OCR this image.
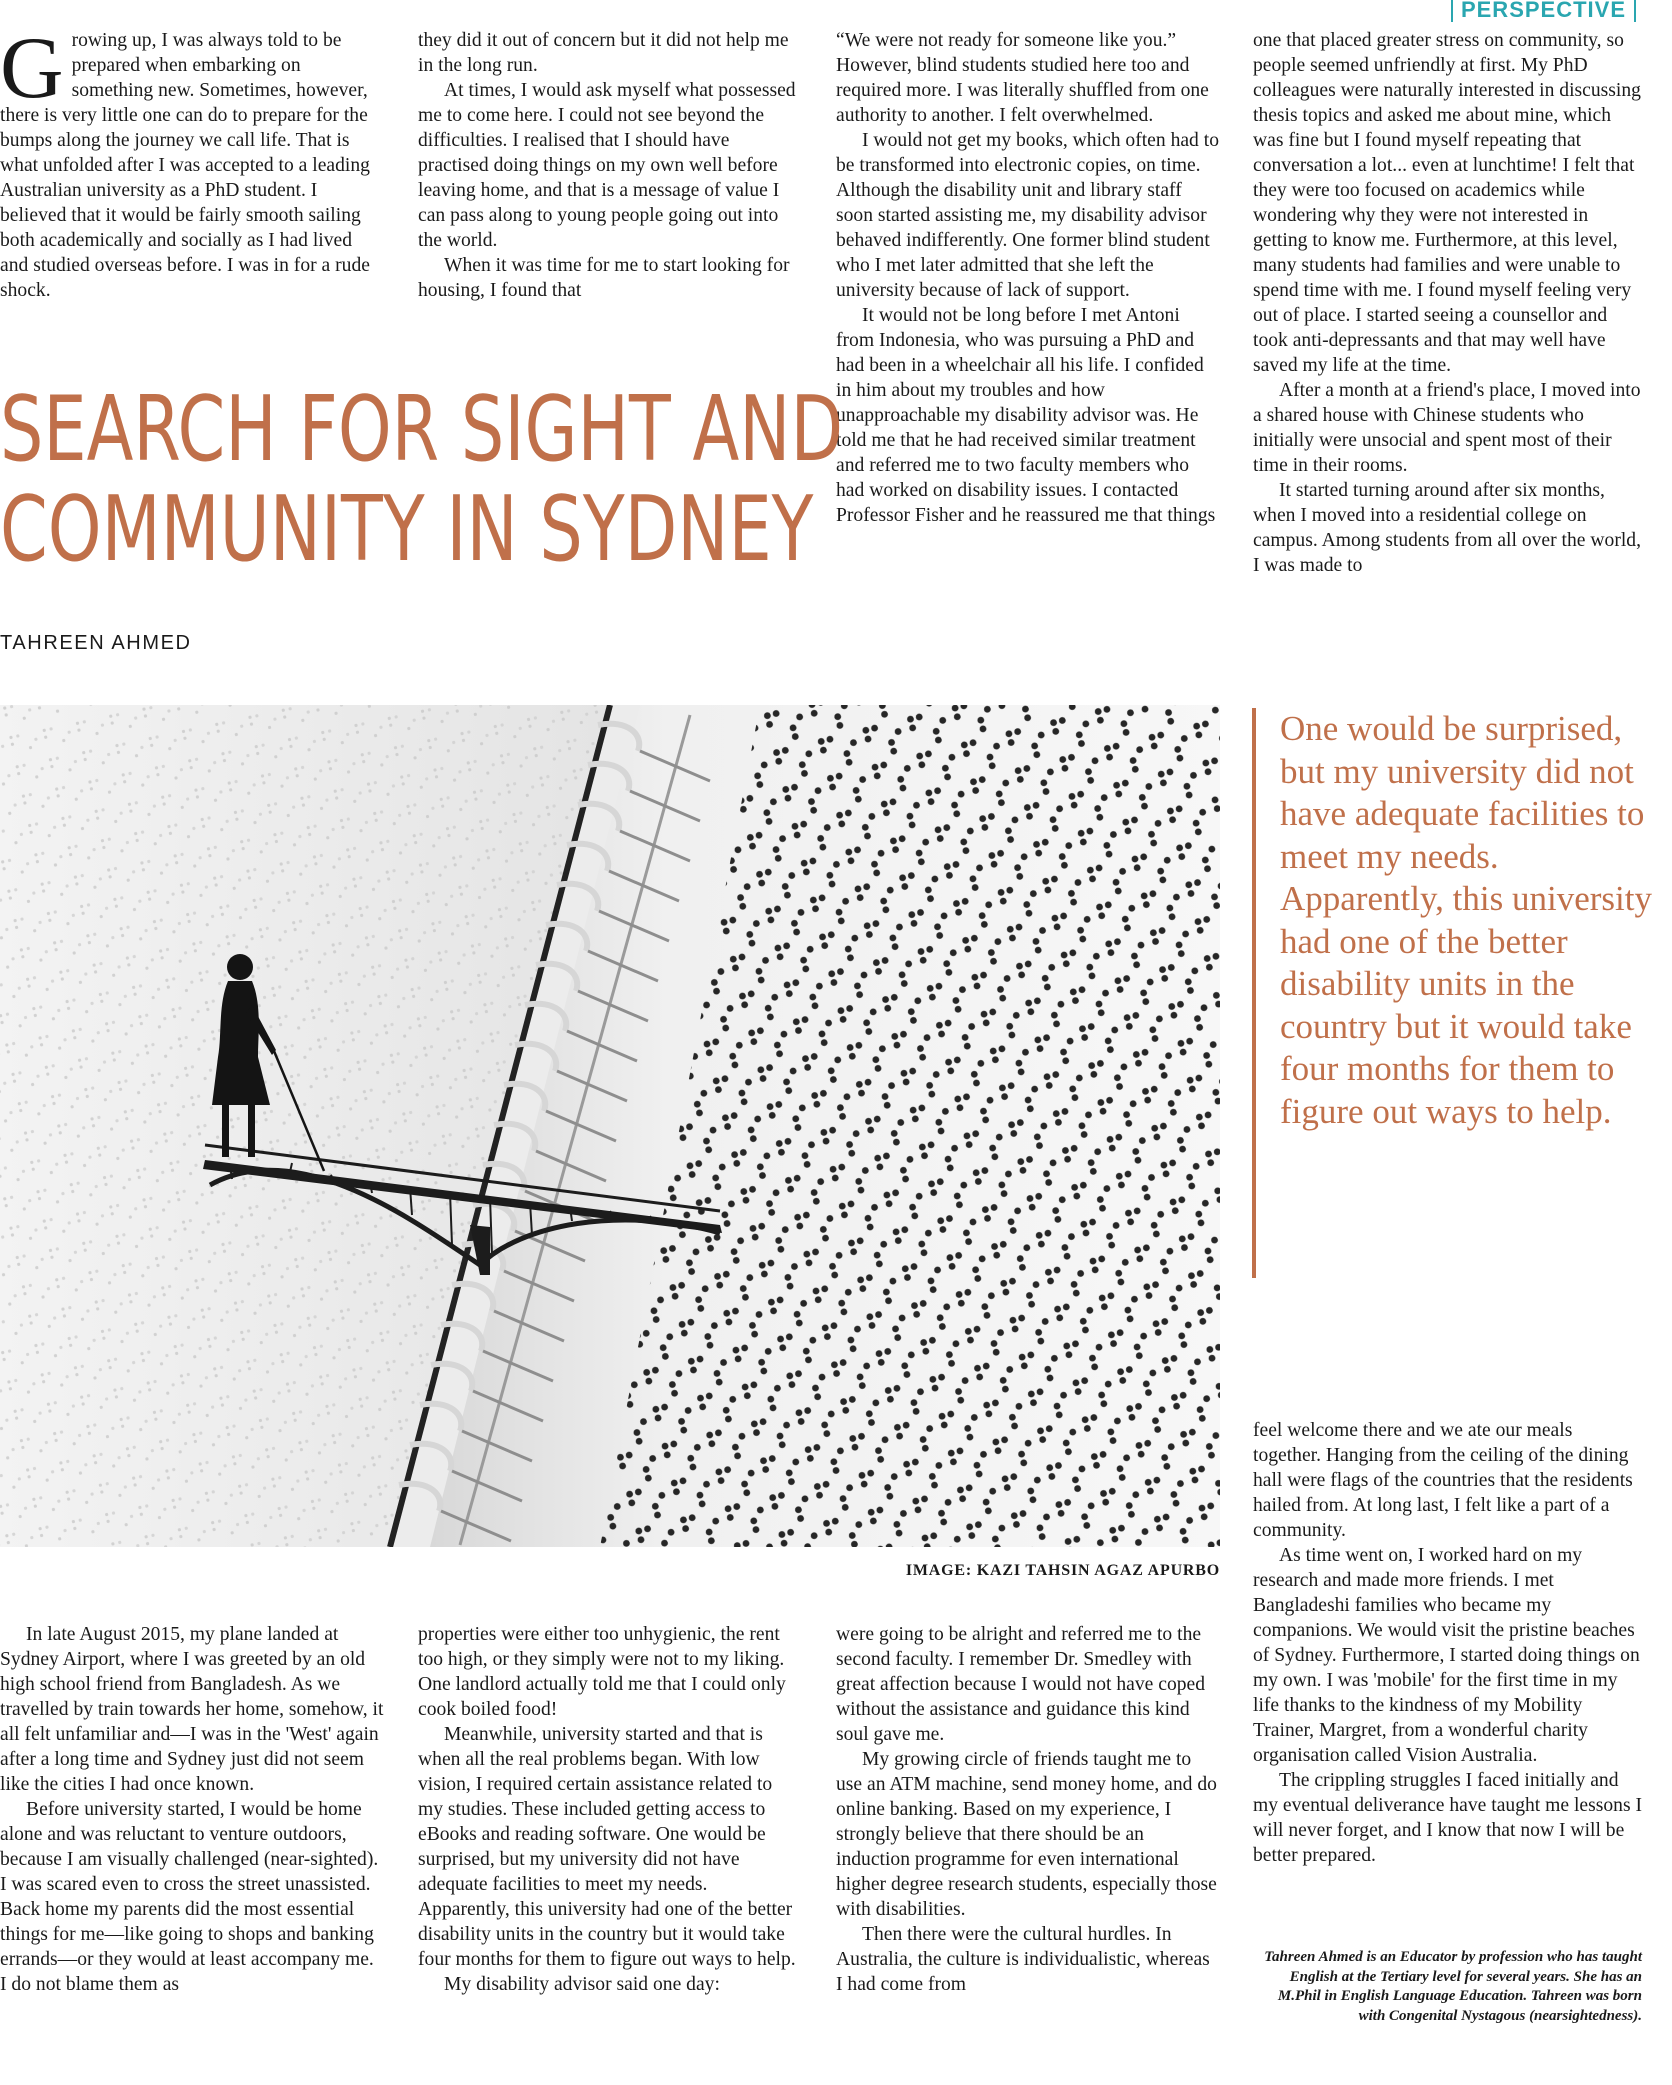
PERSPECTIVE

Growing up, I was always told to be prepared when embarking on something new. Sometimes, however, there is very little one can do to prepare for the bumps along the journey we call life. That is what unfolded after I was accepted to a leading Australian university as a PhD student. I believed that it would be fairly smooth sailing both academically and socially as I had lived and studied overseas before. I was in for a rude shock.

they did it out of concern but it did not help me in the long run.

At times, I would ask myself what possessed me to come here. I could not see beyond the difficulties. I realised that I should have practised doing things on my own well before leaving home, and that is a message of value I can pass along to young people going out into the world.

When it was time for me to start looking for housing, I found that

“We were not ready for someone like you.” However, blind students studied here too and required more. I was literally shuffled from one authority to another. I felt overwhelmed.

I would not get my books, which often had to be transformed into electronic copies, on time. Although the disability unit and library staff soon started assisting me, my disability advisor behaved indifferently. One former blind student who I met later admitted that she left the university because of lack of support.

It would not be long before I met Antoni from Indonesia, who was pursuing a PhD and had been in a wheelchair all his life. I confided in him about my troubles and how unapproachable my disability advisor was. He told me that he had received similar treatment and referred me to two faculty members who had worked on disability issues. I contacted Professor Fisher and he reassured me that things

one that placed greater stress on community, so people seemed unfriendly at first. My PhD colleagues were naturally interested in discussing thesis topics and asked me about mine, which was fine but I found myself repeating that conversation a lot... even at lunchtime! I felt that they were too focused on academics while wondering why they were not interested in getting to know me. Furthermore, at this level, many students had families and were unable to spend time with me. I found myself feeling very out of place. I started seeing a counsellor and took anti-depressants and that may well have saved my life at the time.

After a month at a friend's place, I moved into a shared house with Chinese students who initially were unsocial and spent most of their time in their rooms.

It started turning around after six months, when I moved into a residential college on campus. Among students from all over the world, I was made to

SEARCH FOR SIGHT AND
COMMUNITY IN SYDNEY
TAHREEN AHMED
IMAGE: KAZI TAHSIN AGAZ APURBO
One would be surprised, but my university did not have adequate facilities to meet my needs. Apparently, this university had one of the better disability units in the country but it would take four months for them to figure out ways to help.

In late August 2015, my plane landed at Sydney Airport, where I was greeted by an old high school friend from Bangladesh. As we travelled by train towards her home, somehow, it all felt unfamiliar and—I was in the 'West' again after a long time and Sydney just did not seem like the cities I had once known.

Before university started, I would be home alone and was reluctant to venture outdoors, because I am visually challenged (near-sighted). I was scared even to cross the street unassisted. Back home my parents did the most essential things for me—like going to shops and banking errands—or they would at least accompany me. I do not blame them as

properties were either too unhygienic, the rent too high, or they simply were not to my liking. One landlord actually told me that I could only cook boiled food!

Meanwhile, university started and that is when all the real problems began. With low vision, I required certain assistance related to my studies. These included getting access to eBooks and reading software. One would be surprised, but my university did not have adequate facilities to meet my needs. Apparently, this university had one of the better disability units in the country but it would take four months for them to figure out ways to help.

My disability advisor said one day:

were going to be alright and referred me to the second faculty. I remember Dr. Smedley with great affection because I would not have coped without the assistance and guidance this kind soul gave me.

My growing circle of friends taught me to use an ATM machine, send money home, and do online banking. Based on my experience, I strongly believe that there should be an induction programme for even international higher degree research students, especially those with disabilities.

Then there were the cultural hurdles. In Australia, the culture is individualistic, whereas I had come from

feel welcome there and we ate our meals together. Hanging from the ceiling of the dining hall were flags of the countries that the residents hailed from. At long last, I felt like a part of a community.

As time went on, I worked hard on my research and made more friends. I met Bangladeshi families who became my companions. We would visit the pristine beaches of Sydney. Furthermore, I started doing things on my own. I was 'mobile' for the first time in my life thanks to the kindness of my Mobility Trainer, Margret, from a wonderful charity organisation called Vision Australia.

The crippling struggles I faced initially and my eventual deliverance have taught me lessons I will never forget, and I know that now I will be better prepared.

Tahreen Ahmed is an Educator by profession who has taught English at the Tertiary level for several years. She has an M.Phil in English Language Education. Tahreen was born with Congenital Nystagous (nearsightedness).
